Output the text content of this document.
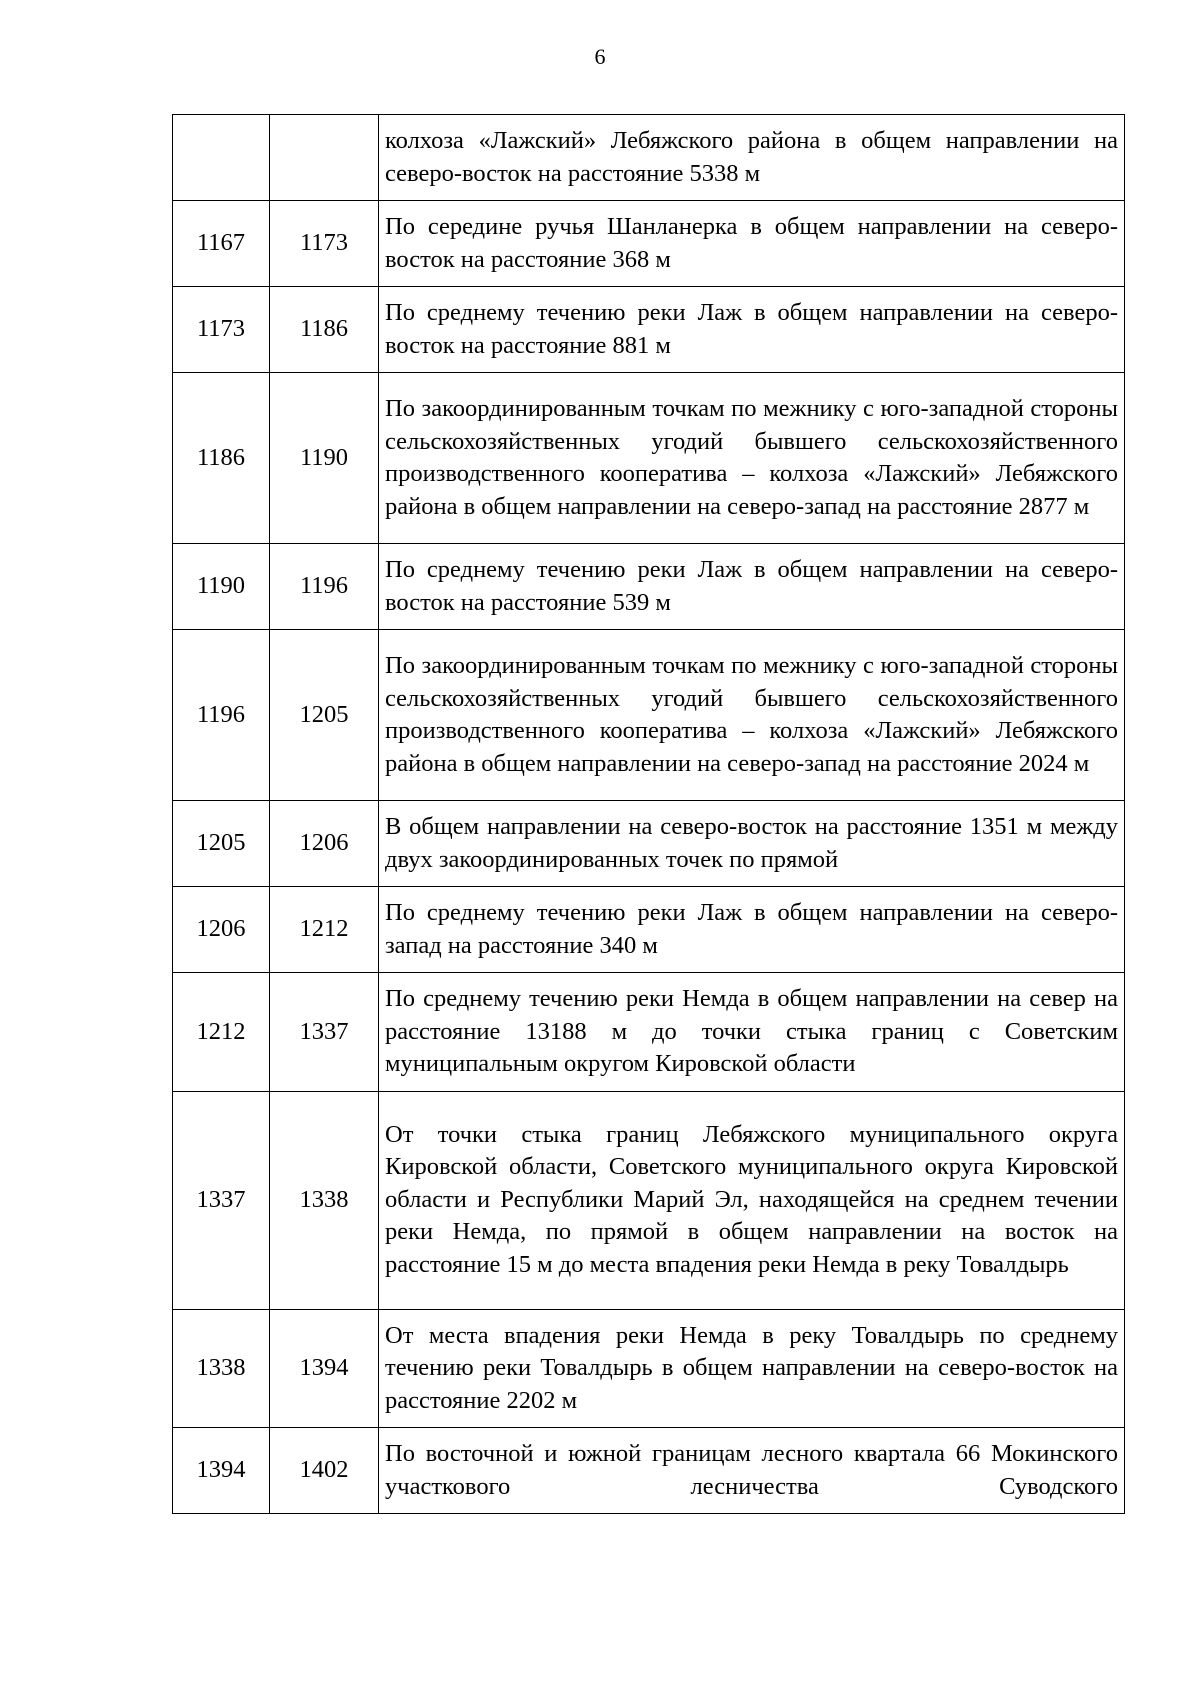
6
		колхоза «Лажский» Лебяжского района в общем направлении на северо-восток на расстояние 5338 м
1167	1173	По середине ручья Шанланерка в общем направлении на северо-восток на расстояние 368 м
1173	1186	По среднему течению реки Лаж в общем направлении на северо-восток на расстояние 881 м
1186	1190	По закоординированным точкам по межнику с юго-западной стороны сельскохозяйственных угодий бывшего сельскохозяйственного производственного кооператива – колхоза «Лажский» Лебяжского района в общем направлении на северо-запад на расстояние 2877 м
1190	1196	По среднему течению реки Лаж в общем направлении на северо-восток на расстояние 539 м
1196	1205	По закоординированным точкам по межнику с юго-западной стороны сельскохозяйственных угодий бывшего сельскохозяйственного производственного кооператива – колхоза «Лажский» Лебяжского района в общем направлении на северо-запад на расстояние 2024 м
1205	1206	В общем направлении на северо-восток на расстояние 1351 м между двух закоординированных точек по прямой
1206	1212	По среднему течению реки Лаж в общем направлении на северо-запад на расстояние 340 м
1212	1337	По среднему течению реки Немда в общем направлении на север на расстояние 13188 м до точки стыка границ с Советским муниципальным округом Кировской области
1337	1338	От точки стыка границ Лебяжского муниципального округа Кировской области, Советского муниципального округа Кировской области и Республики Марий Эл, находящейся на среднем течении реки Немда, по прямой в общем направлении на восток на расстояние 15 м до места впадения реки Немда в реку Товалдырь
1338	1394	От места впадения реки Немда в реку Товалдырь по среднему течению реки Товалдырь в общем направлении на северо-восток на расстояние 2202 м
1394	1402	По восточной и южной границам лесного квартала 66 Мокинского участкового лесничества Суводского
